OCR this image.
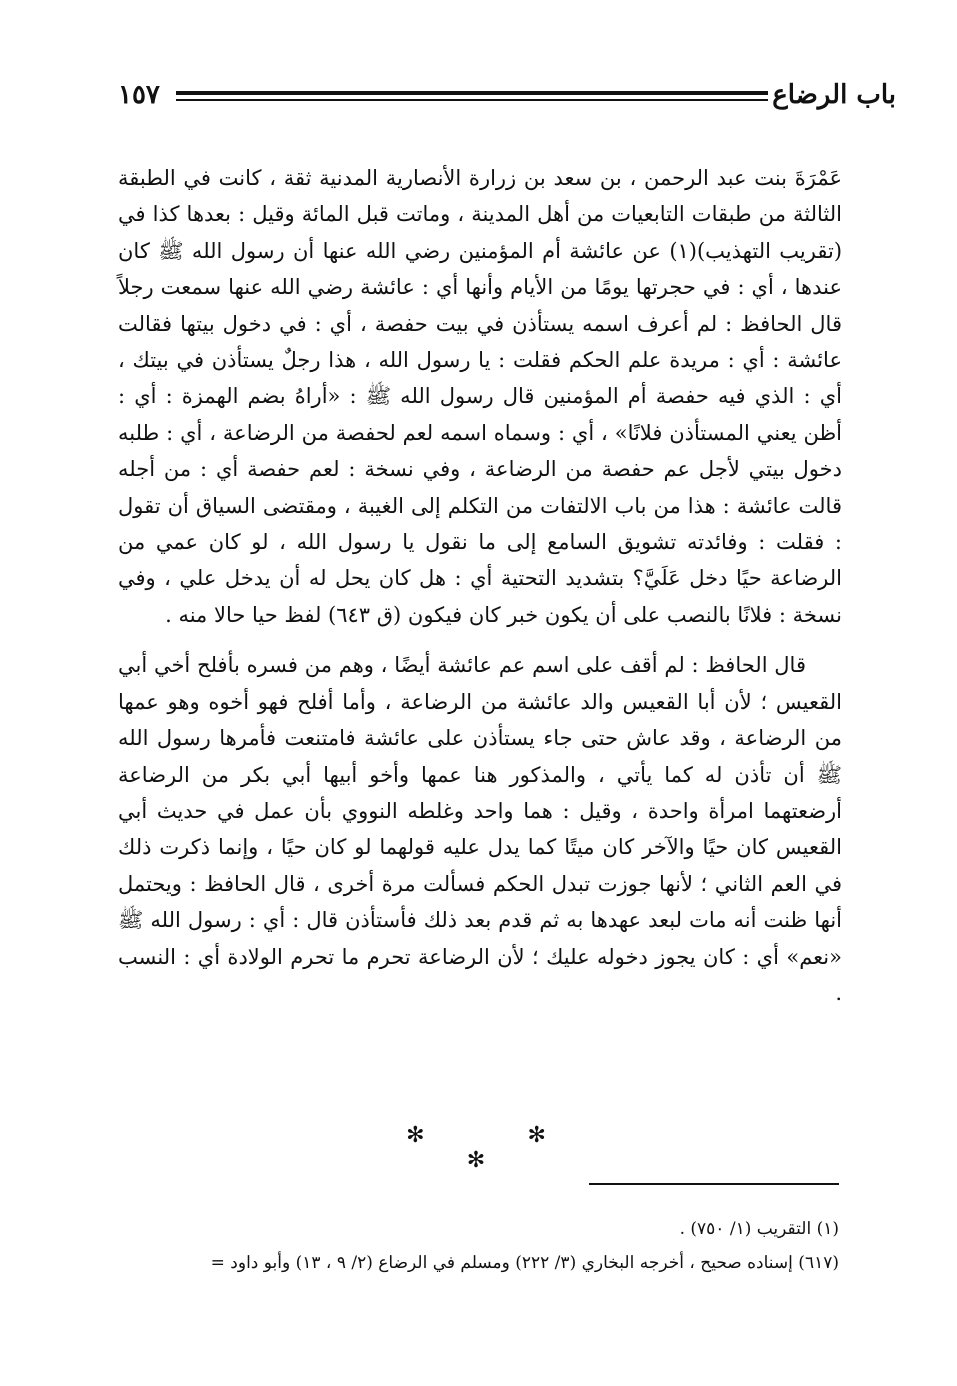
باب الرضاع
١٥٧

عَمْرَةَ بنت عبد الرحمن ، بن سعد بن زرارة الأنصارية المدنية ثقة ، كانت في الطبقة الثالثة من طبقات التابعيات من أهل المدينة ، وماتت قبل المائة وقيل : بعدها كذا في (تقريب التهذيب)(١) عن عائشة أم المؤمنين رضي الله عنها أن رسول الله ﷺ كان عندها ، أي : في حجرتها يومًا من الأيام وأنها أي : عائشة رضي الله عنها سمعت رجلاً قال الحافظ : لم أعرف اسمه يستأذن في بيت حفصة ، أي : في دخول بيتها فقالت عائشة : أي : مريدة علم الحكم فقلت : يا رسول الله ، هذا رجلٌ يستأذن في بيتك ، أي : الذي فيه حفصة أم المؤمنين قال رسول الله ﷺ : «أراهُ بضم الهمزة : أي : أظن يعني المستأذن فلانًا» ، أي : وسماه اسمه لعم لحفصة من الرضاعة ، أي : طلبه دخول بيتي لأجل عم حفصة من الرضاعة ، وفي نسخة : لعم حفصة أي : من أجله قالت عائشة : هذا من باب الالتفات من التكلم إلى الغيبة ، ومقتضى السياق أن تقول : فقلت : وفائدته تشويق السامع إلى ما نقول يا رسول الله ، لو كان عمي من الرضاعة حيًا دخل عَلَيَّ؟ بتشديد التحتية أي : هل كان يحل له أن يدخل علي ، وفي نسخة : فلانًا بالنصب على أن يكون خبر كان فيكون (ق ٦٤٣) لفظ حيا حالا منه .

قال الحافظ : لم أقف على اسم عم عائشة أيضًا ، وهم من فسره بأفلح أخي أبي القعيس ؛ لأن أبا القعيس والد عائشة من الرضاعة ، وأما أفلح فهو أخوه وهو عمها من الرضاعة ، وقد عاش حتى جاء يستأذن على عائشة فامتنعت فأمرها رسول الله ﷺ أن تأذن له كما يأتي ، والمذكور هنا عمها وأخو أبيها أبي بكر من الرضاعة أرضعتهما امرأة واحدة ، وقيل : هما واحد وغلطه النووي بأن عمل في حديث أبي القعيس كان حيًا والآخر كان ميتًا كما يدل عليه قولهما لو كان حيًا ، وإنما ذكرت ذلك في العم الثاني ؛ لأنها جوزت تبدل الحكم فسألت مرة أخرى ، قال الحافظ : ويحتمل أنها ظنت أنه مات لبعد عهدها به ثم قدم بعد ذلك فأستأذن قال : أي : رسول الله ﷺ «نعم» أي : كان يجوز دخوله عليك ؛ لأن الرضاعة تحرم ما تحرم الولادة أي : النسب .

✻ ✻ ✻

(١) التقريب (١/ ٧٥٠) .

(٦١٧) إسناده صحيح ، أخرجه البخاري (٣/ ٢٢٢) ومسلم في الرضاع (٢/ ٩ ، ١٣) وأبو داود =
